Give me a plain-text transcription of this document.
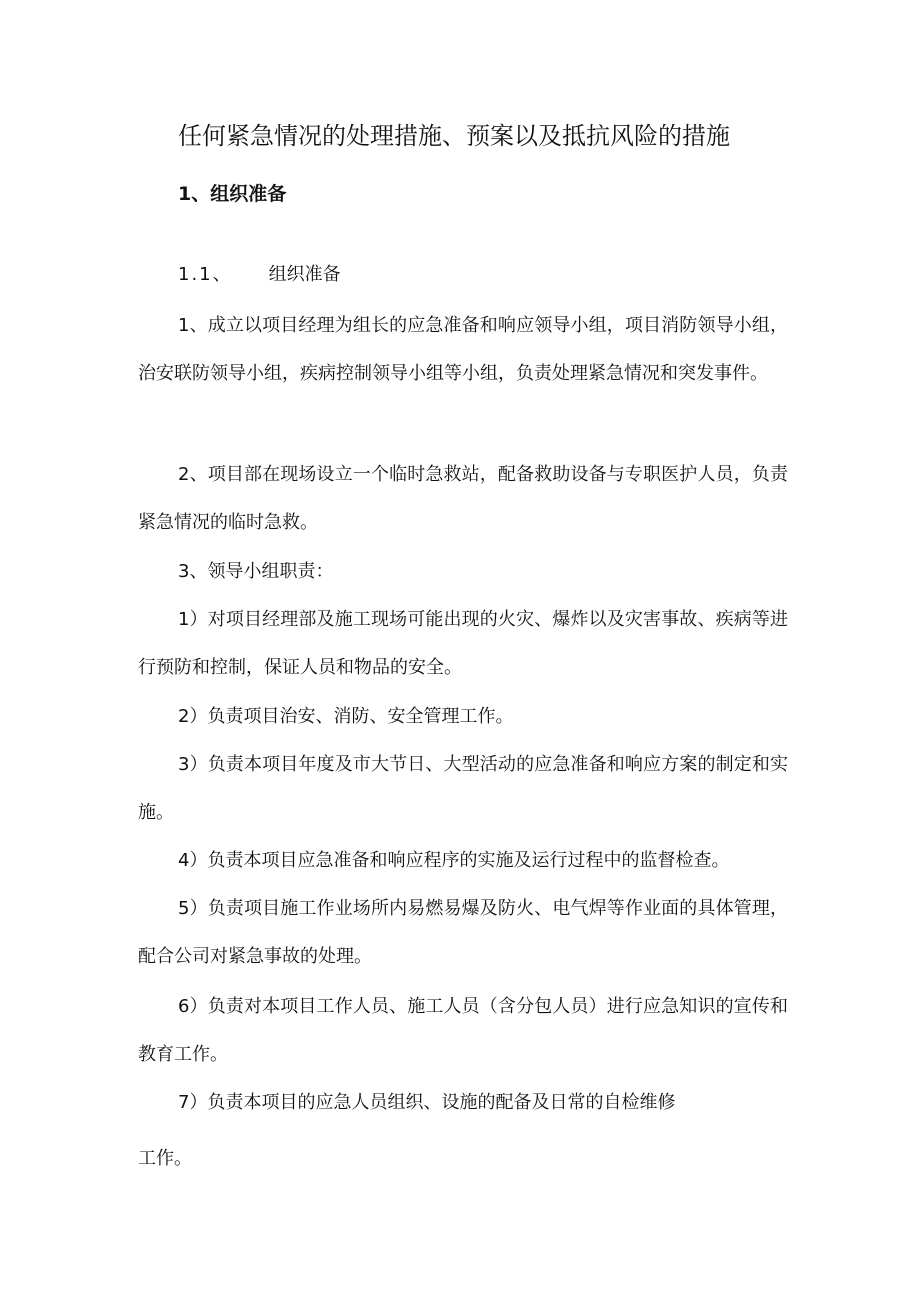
任何紧急情况的处理措施、预案以及抵抗风险的措施
1、组织准备
1.1、 组织准备

1、成立以项目经理为组长的应急准备和响应领导小组，项目消防领导小组，治安联防领导小组，疾病控制领导小组等小组，负责处理紧急情况和突发事件。

2、项目部在现场设立一个临时急救站，配备救助设备与专职医护人员，负责紧急情况的临时急救。

3、领导小组职责：

1）对项目经理部及施工现场可能出现的火灾、爆炸以及灾害事故、疾病等进行预防和控制，保证人员和物品的安全。

2）负责项目治安、消防、安全管理工作。

3）负责本项目年度及市大节日、大型活动的应急准备和响应方案的制定和实施。

4）负责本项目应急准备和响应程序的实施及运行过程中的监督检查。

5）负责项目施工作业场所内易燃易爆及防火、电气焊等作业面的具体管理，配合公司对紧急事故的处理。

6）负责对本项目工作人员、施工人员（含分包人员）进行应急知识的宣传和教育工作。

7）负责本项目的应急人员组织、设施的配备及日常的自检维修
工作。
